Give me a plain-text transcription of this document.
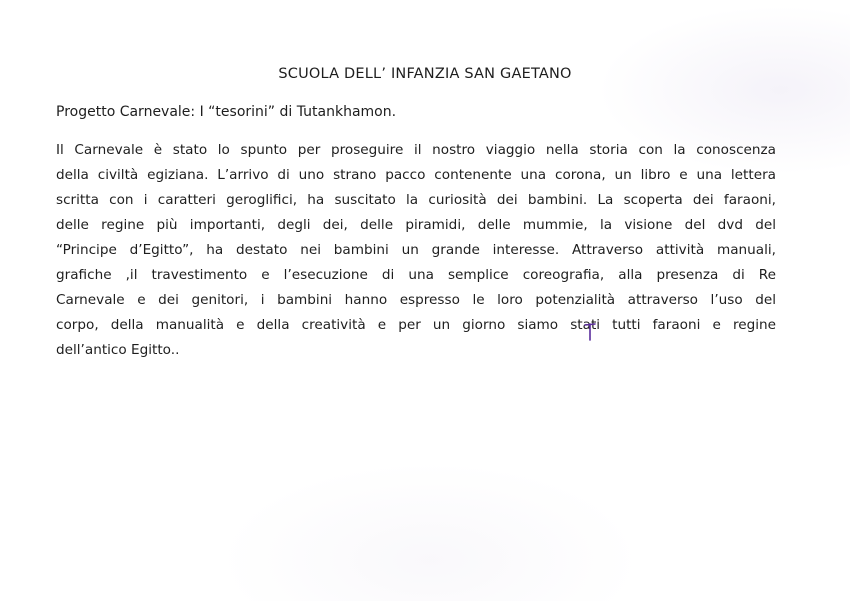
SCUOLA DELL’ INFANZIA SAN GAETANO

Progetto Carnevale: I “tesorini” di Tutankhamon.

Il Carnevale è stato lo spunto per proseguire il nostro viaggio nella storia con la conoscenza
della civiltà egiziana. L’arrivo di uno strano pacco contenente una corona, un libro e una lettera
scritta con i caratteri geroglifici, ha suscitato la curiosità dei bambini. La scoperta dei faraoni,
delle regine più importanti, degli dei, delle piramidi, delle mummie, la visione del dvd del
“Principe d’Egitto”, ha destato nei bambini un grande interesse. Attraverso attività manuali,
grafiche ,il travestimento e l’esecuzione di una semplice coreografia, alla presenza di Re
Carnevale e dei genitori, i bambini hanno espresso le loro potenzialità attraverso l’uso del
corpo, della manualità e della creatività e per un giorno siamo stati tutti faraoni e regine
dell’antico Egitto..
